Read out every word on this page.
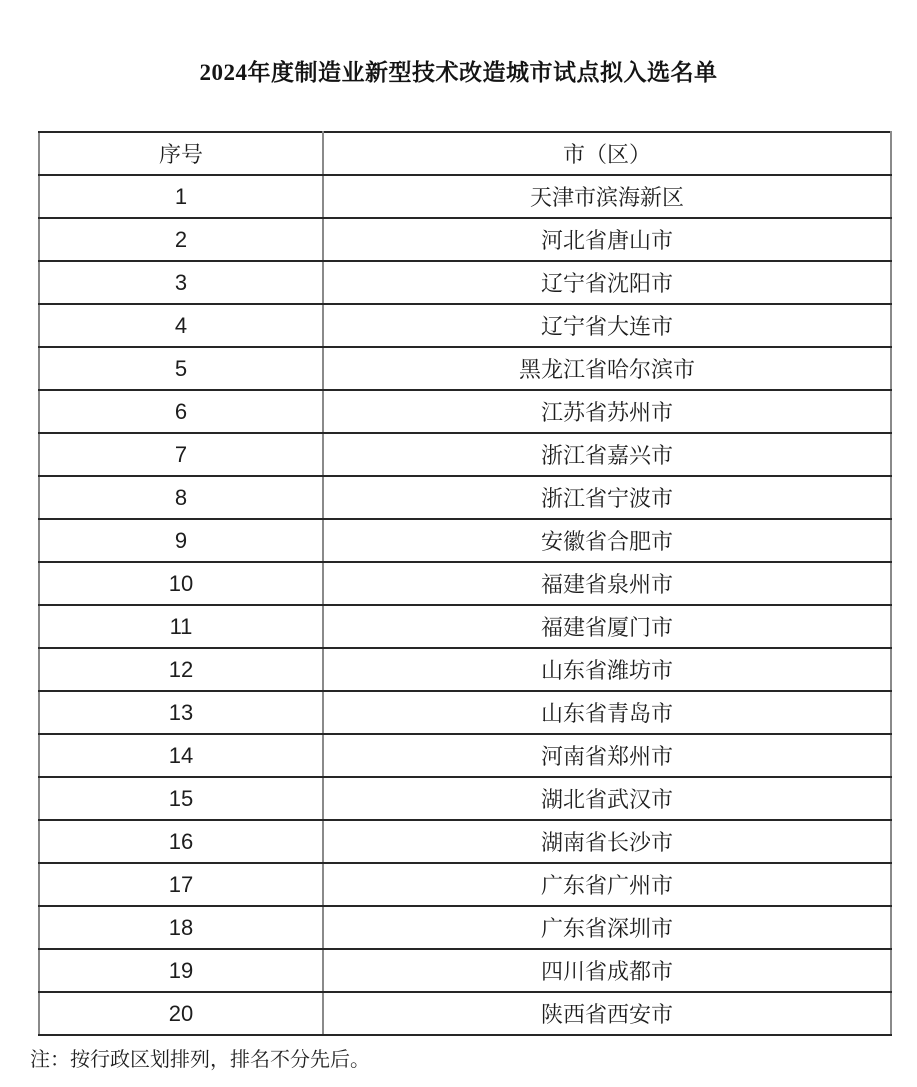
2024年度制造业新型技术改造城市试点拟入选名单
序号	市（区）
1	天津市滨海新区
2	河北省唐山市
3	辽宁省沈阳市
4	辽宁省大连市
5	黑龙江省哈尔滨市
6	江苏省苏州市
7	浙江省嘉兴市
8	浙江省宁波市
9	安徽省合肥市
10	福建省泉州市
11	福建省厦门市
12	山东省潍坊市
13	山东省青岛市
14	河南省郑州市
15	湖北省武汉市
16	湖南省长沙市
17	广东省广州市
18	广东省深圳市
19	四川省成都市
20	陕西省西安市

注：按行政区划排列，排名不分先后。
